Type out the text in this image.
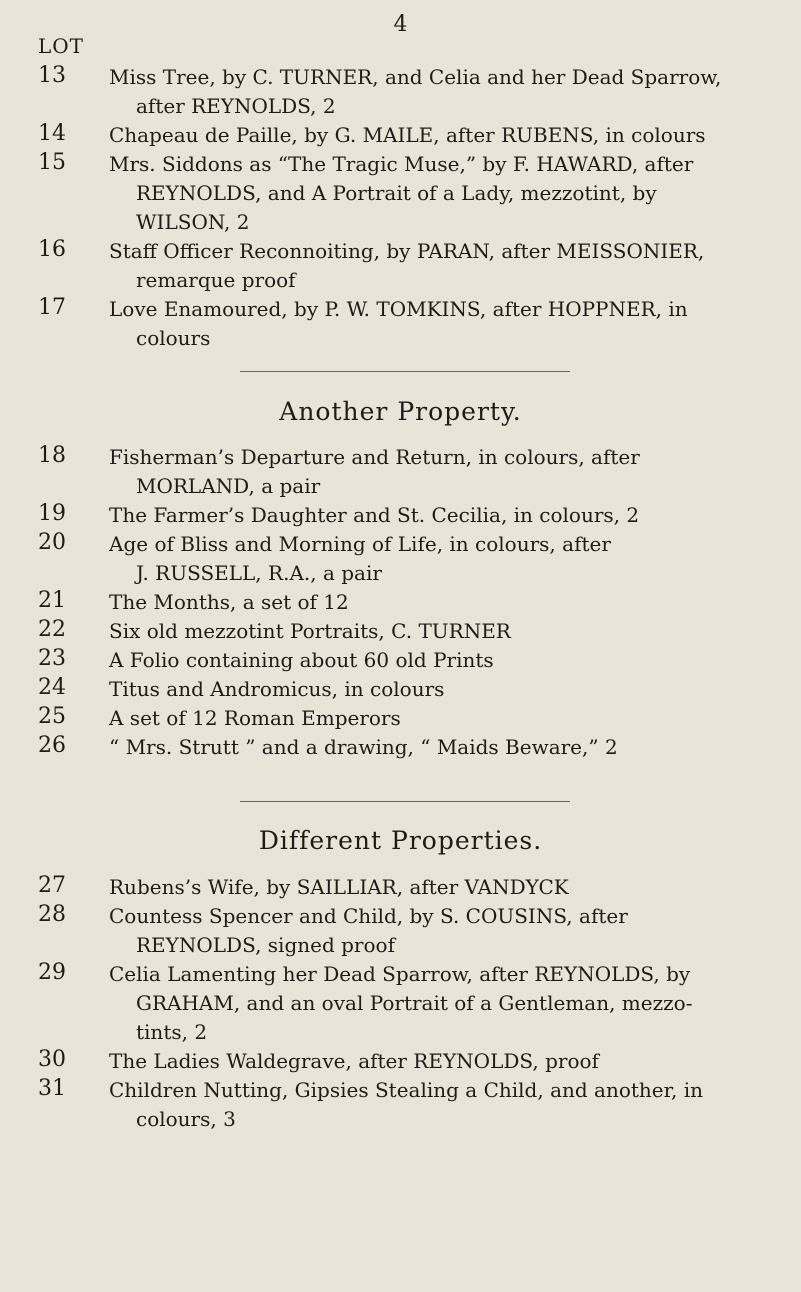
4
LOT
13	Miss Tree, by C. TURNER, and Celia and her Dead Sparrow,
after REYNOLDS, 2
14	Chapeau de Paille, by G. MAILE, after RUBENS, in colours
15	Mrs. Siddons as “The Tragic Muse,” by F. HAWARD, after
REYNOLDS, and A Portrait of a Lady, mezzotint, by
WILSON, 2
16	Staff Officer Reconnoiting, by PARAN, after MEISSONIER,
remarque proof
17	Love Enamoured, by P. W. TOMKINS, after HOPPNER, in
colours
Another Property.
18	Fisherman’s Departure and Return, in colours, after
MORLAND, a pair
19	The Farmer’s Daughter and St. Cecilia, in colours, 2
20	Age of Bliss and Morning of Life, in colours, after
J. RUSSELL, R.A., a pair
21	The Months, a set of 12
22	Six old mezzotint Portraits, C. TURNER
23	A Folio containing about 60 old Prints
24	Titus and Andromicus, in colours
25	A set of 12 Roman Emperors
26	“ Mrs. Strutt ” and a drawing, “ Maids Beware,” 2
Different Properties.
27	Rubens’s Wife, by SAILLIAR, after VANDYCK
28	Countess Spencer and Child, by S. COUSINS, after
REYNOLDS, signed proof
29	Celia Lamenting her Dead Sparrow, after REYNOLDS, by
GRAHAM, and an oval Portrait of a Gentleman, mezzo-
tints, 2
30	The Ladies Waldegrave, after REYNOLDS, proof
31	Children Nutting, Gipsies Stealing a Child, and another, in
colours, 3
